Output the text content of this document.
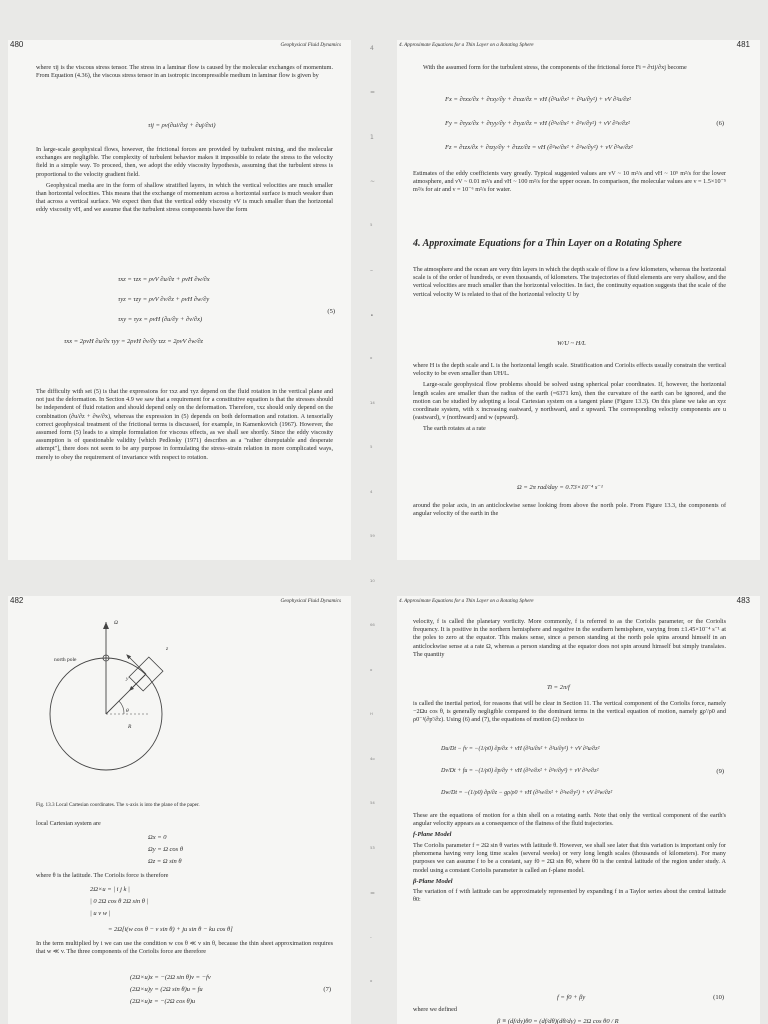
480	Geophysical Fluid Dynamics

where τij is the viscous stress tensor. The stress in a laminar flow is caused by the molecular exchanges of momentum. From Equation (4.36), the viscous stress tensor in an isotropic incompressible medium in laminar flow is given by

τij = ρν(∂ui/∂xj + ∂uj/∂xi)

In large-scale geophysical flows, however, the frictional forces are provided by turbulent mixing, and the molecular exchanges are negligible. The complexity of turbulent behavior makes it impossible to relate the stress to the velocity field in a simple way. To proceed, then, we adopt the eddy viscosity hypothesis, assuming that the turbulent stress is proportional to the velocity gradient field.

Geophysical media are in the form of shallow stratified layers, in which the vertical velocities are much smaller than horizontal velocities. This means that the exchange of momentum across a horizontal surface is much weaker than that across a vertical surface. We expect then that the vertical eddy viscosity νV is much smaller than the horizontal eddy viscosity νH, and we assume that the turbulent stress components have the form

τxz = τzx = ρνV ∂u/∂z + ρνH ∂w/∂x
τyz = τzy = ρνV ∂v/∂z + ρνH ∂w/∂y
τxy = τyx = ρνH (∂u/∂y + ∂v/∂x)
τxx = 2ρνH ∂u/∂x τyy = 2ρνH ∂v/∂y τzz = 2ρνV ∂w/∂z
(5)

The difficulty with set (5) is that the expressions for τxz and τyz depend on the fluid rotation in the vertical plane and not just the deformation. In Section 4.9 we saw that a requirement for a constitutive equation is that the stresses should be independent of fluid rotation and should depend only on the deformation. Therefore, τxz should only depend on the combination (∂u/∂z + ∂w/∂x), whereas the expression in (5) depends on both deformation and rotation. A tensorially correct geophysical treatment of the frictional terms is discussed, for example, in Kamenkovich (1967). However, the assumed form (5) leads to a simple formulation for viscous effects, as we shall see shortly. Since the eddy viscosity assumption is of questionable validity [which Pedlosky (1971) describes as a "rather disreputable and desperate attempt"], there does not seem to be any purpose in formulating the stress–strain relation in more complicated ways, merely to obey the requirement of invariance with respect to rotation.

4. Approximate Equations for a Thin Layer on a Rotating Sphere	481

With the assumed form for the turbulent stress, the components of the frictional force Fi = ∂τij/∂xj become

Fx = ∂τxx/∂x + ∂τxy/∂y + ∂τxz/∂z = νH (∂²u/∂x² + ∂²u/∂y²) + νV ∂²u/∂z²
Fy = ∂τyx/∂x + ∂τyy/∂y + ∂τyz/∂z = νH (∂²v/∂x² + ∂²v/∂y²) + νV ∂²v/∂z²
Fz = ∂τzx/∂x + ∂τzy/∂y + ∂τzz/∂z = νH (∂²w/∂x² + ∂²w/∂y²) + νV ∂²w/∂z²
(6)

Estimates of the eddy coefficients vary greatly. Typical suggested values are νV ~ 10 m²/s and νH ~ 10⁵ m²/s for the lower atmosphere, and νV ~ 0.01 m²/s and νH ~ 100 m²/s for the upper ocean. In comparison, the molecular values are ν = 1.5×10⁻⁵ m²/s for air and ν = 10⁻⁶ m²/s for water.

4. Approximate Equations for a Thin Layer on a Rotating Sphere

The atmosphere and the ocean are very thin layers in which the depth scale of flow is a few kilometers, whereas the horizontal scale is of the order of hundreds, or even thousands, of kilometers. The trajectories of fluid elements are very shallow, and the vertical velocities are much smaller than the horizontal velocities. In fact, the continuity equation suggests that the scale of the vertical velocity W is related to that of the horizontal velocity U by

W/U ~ H/L

where H is the depth scale and L is the horizontal length scale. Stratification and Coriolis effects usually constrain the vertical velocity to be even smaller than UH/L.

Large-scale geophysical flow problems should be solved using spherical polar coordinates. If, however, the horizontal length scales are smaller than the radius of the earth (=6371 km), then the curvature of the earth can be ignored, and the motion can be studied by adopting a local Cartesian system on a tangent plane (Figure 13.3). On this plane we take an xyz coordinate system, with x increasing eastward, y northward, and z upward. The corresponding velocity components are u (eastward), v (northward) and w (upward).

The earth rotates at a rate

Ω = 2π rad/day = 0.73×10⁻⁴ s⁻¹

around the polar axis, in an anticlockwise sense looking from above the north pole. From Figure 13.3, the components of angular velocity of the earth in the

482	Geophysical Fluid Dynamics
Ω
north pole
R
z
y
θ
Fig. 13.3 Local Cartesian coordinates. The x-axis is into the plane of the paper.

local Cartesian system are

Ωx = 0
Ωy = Ω cos θ
Ωz = Ω sin θ

where θ is the latitude. The Coriolis force is therefore

2Ω×u = | i j k |
| 0 2Ω cos θ 2Ω sin θ |
| u v w |
= 2Ω[i(w cos θ − v sin θ) + ju sin θ − ku cos θ]

In the term multiplied by i we can use the condition w cos θ ≪ v sin θ, because the thin sheet approximation requires that w ≪ v. The three components of the Coriolis force are therefore

(2Ω×u)x = −(2Ω sin θ)v = −fv
(2Ω×u)y = (2Ω sin θ)u = fu
(2Ω×u)z = −(2Ω cos θ)u
(7)
4. Approximate Equations for a Thin Layer on a Rotating Sphere	483

velocity, f is called the planetary vorticity. More commonly, f is referred to as the Coriolis parameter, or the Coriolis frequency. It is positive in the northern hemisphere and negative in the southern hemisphere, varying from ±1.45×10⁻⁴ s⁻¹ at the poles to zero at the equator. This makes sense, since a person standing at the north pole spins around himself in an anticlockwise sense at a rate Ω, whereas a person standing at the equator does not spin around himself but simply translates. The quantity

Ti = 2π/f

is called the inertial period, for reasons that will be clear in Section 11. The vertical component of the Coriolis force, namely −2Ωu cos θ, is generally negligible compared to the dominant terms in the vertical equation of motion, namely gρ'/ρ0 and ρ0⁻¹(∂p'/∂z). Using (6) and (7), the equations of motion (2) reduce to

Du/Dt − fv = −(1/ρ0) ∂p/∂x + νH (∂²u/∂x² + ∂²u/∂y²) + νV ∂²u/∂z²
Dv/Dt + fu = −(1/ρ0) ∂p/∂y + νH (∂²v/∂x² + ∂²v/∂y²) + νV ∂²v/∂z²
Dw/Dt = −(1/ρ0) ∂p/∂z − gρ/ρ0 + νH (∂²w/∂x² + ∂²w/∂y²) + νV ∂²w/∂z²
(9)

These are the equations of motion for a thin shell on a rotating earth. Note that only the vertical component of the earth's angular velocity appears as a consequence of the flatness of the fluid trajectories.

f-Plane Model

The Coriolis parameter f = 2Ω sin θ varies with latitude θ. However, we shall see later that this variation is important only for phenomena having very long time scales (several weeks) or very long length scales (thousands of kilometers). For many purposes we can assume f to be a constant, say f0 = 2Ω sin θ0, where θ0 is the central latitude of the region under study. A model using a constant Coriolis parameter is called an f-plane model.

β-Plane Model

The variation of f with latitude can be approximately represented by expanding f in a Taylor series about the central latitude θ0:

f = f0 + βy	(10)

where we defined

β ≡ (df/dy)θ0 = (df/dθ)(dθ/dy) = 2Ω cos θ0 / R
4
=
1
∼
⁵
–
∙
ᵒ
¹⁴
⁵
⁴
⁵⁹
¹⁰
⁶⁶
ᵒ
ᴴ
⁴ᵒ
⁵⁴
⁵³
=
·
ᵒ
